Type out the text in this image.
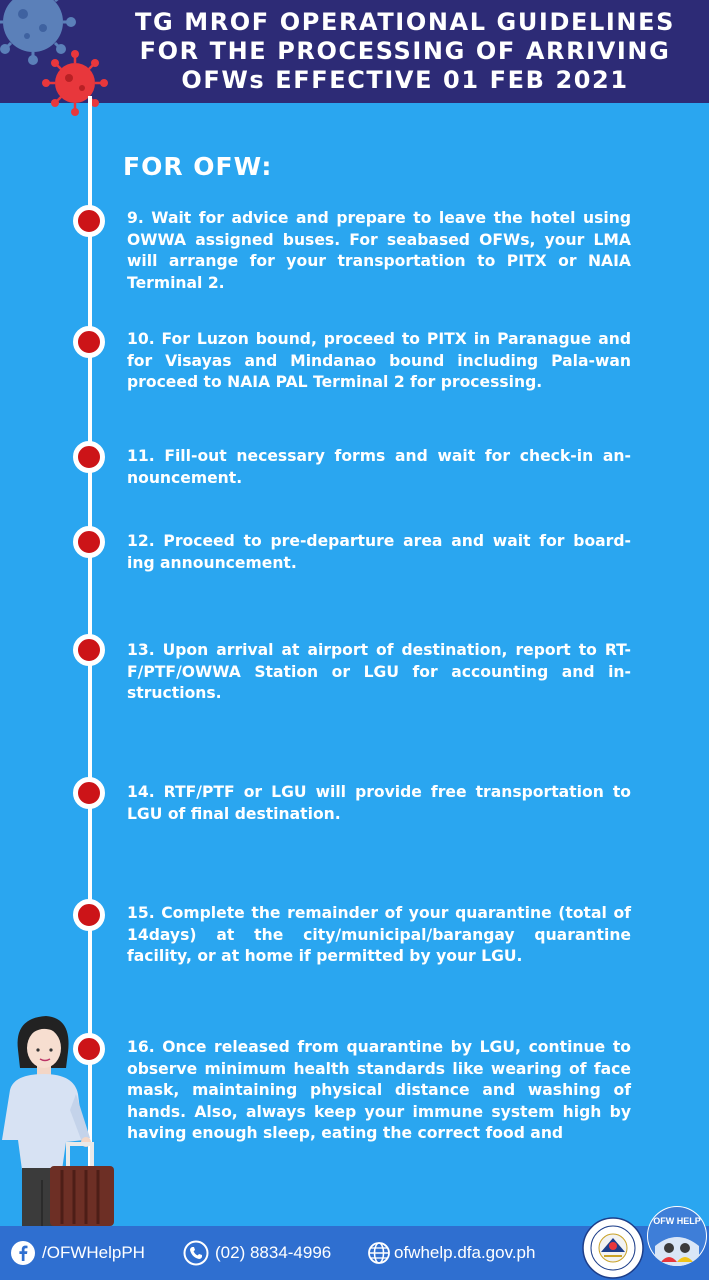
TG MROF OPERATIONAL GUIDELINES
FOR THE PROCESSING OF ARRIVING
OFWs EFFECTIVE 01 FEB 2021
FOR OFW:

9. Wait for advice and prepare to leave the hotel using OWWA assigned buses. For seabased OFWs, your LMA will arrange for your transportation to PITX or NAIA Terminal 2.

10. For Luzon bound, proceed to PITX in Paranague and for Visayas and Mindanao bound including Pala-wan proceed to NAIA PAL Terminal 2 for processing.

11. Fill-out necessary forms and wait for check-in an-nouncement.

12. Proceed to pre-departure area and wait for board-ing announcement.

13. Upon arrival at airport of destination, report to RT-F/PTF/OWWA Station or LGU for accounting and in-structions.

14. RTF/PTF or LGU will provide free transportation to LGU of final destination.

15. Complete the remainder of your quarantine (total of 14days) at the city/municipal/barangay quarantine facility, or at home if permitted by your LGU.

16. Once released from quarantine by LGU, continue to observe minimum health standards like wearing of face mask, maintaining physical distance and washing of hands. Also, always keep your immune system high by having enough sleep, eating the correct food and

/OFWHelpPH	(02) 8834-4996	ofwhelp.dfa.gov.ph
OFW HELP
